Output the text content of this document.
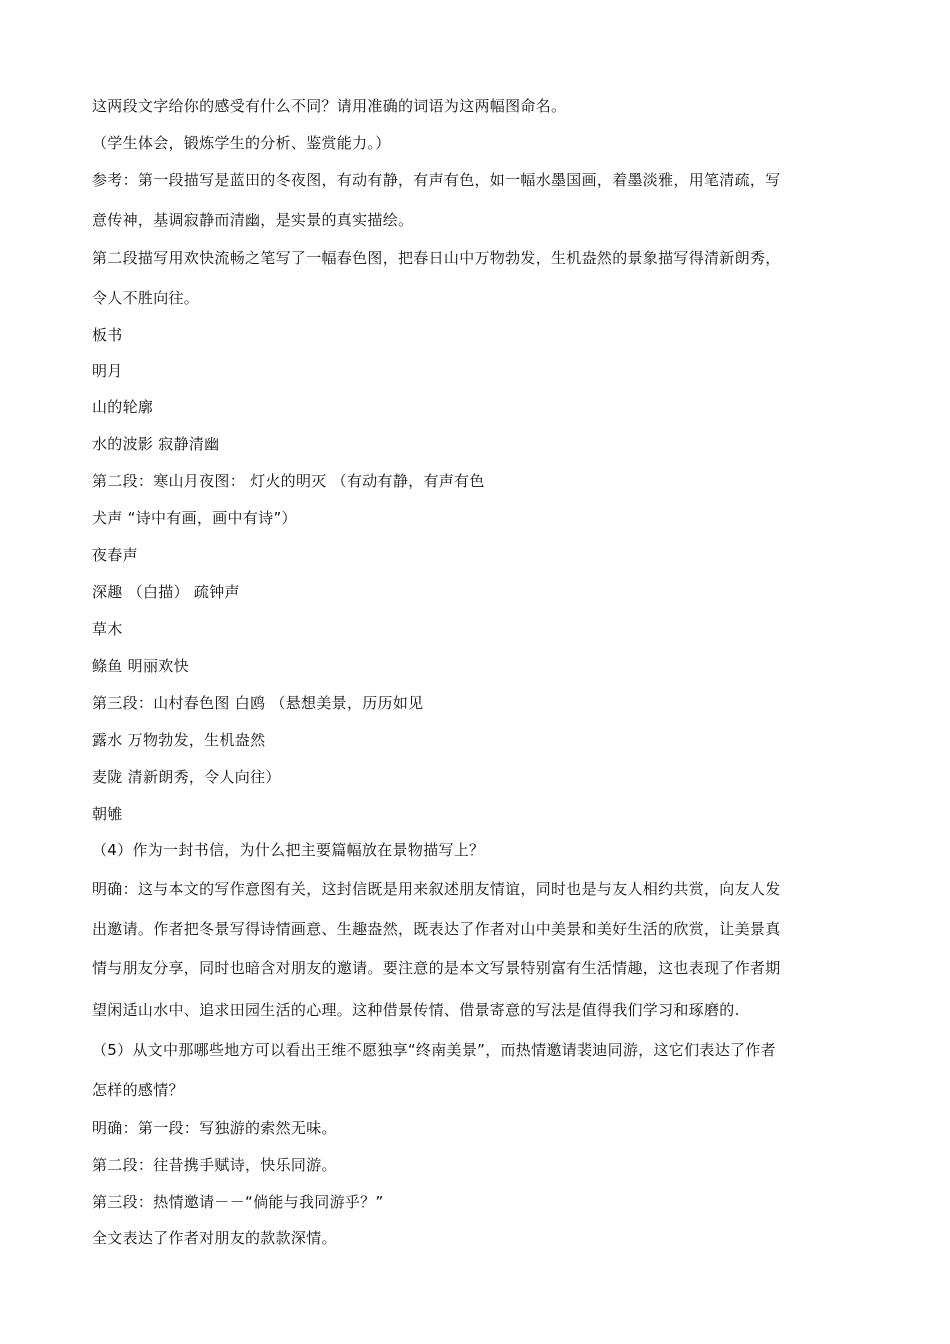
这两段文字给你的感受有什么不同？请用准确的词语为这两幅图命名。
（学生体会，锻炼学生的分析、鉴赏能力。）
参考：第一段描写是蓝田的冬夜图，有动有静，有声有色，如一幅水墨国画，着墨淡雅，用笔清疏，写
意传神，基调寂静而清幽，是实景的真实描绘。
第二段描写用欢快流畅之笔写了一幅春色图，把春日山中万物勃发，生机盎然的景象描写得清新朗秀，
令人不胜向往。
板书
明月
山的轮廓
水的波影 寂静清幽
第二段：寒山月夜图： 灯火的明灭 （有动有静，有声有色
犬声 “诗中有画，画中有诗”）
夜春声
深趣 （白描） 疏钟声
草木
鲦鱼 明丽欢快
第三段：山村春色图 白鸥 （悬想美景，历历如见
露水 万物勃发，生机盎然
麦陇 清新朗秀，令人向往）
朝雊
（4）作为一封书信，为什么把主要篇幅放在景物描写上？
明确：这与本文的写作意图有关，这封信既是用来叙述朋友情谊，同时也是与友人相约共赏，向友人发
出邀请。作者把冬景写得诗情画意、生趣盎然，既表达了作者对山中美景和美好生活的欣赏，让美景真
情与朋友分享，同时也暗含对朋友的邀请。要注意的是本文写景特别富有生活情趣，这也表现了作者期
望闲适山水中、追求田园生活的心理。这种借景传情、借景寄意的写法是值得我们学习和琢磨的.
（5）从文中那哪些地方可以看出王维不愿独享“终南美景”，而热情邀请裴迪同游，这它们表达了作者
怎样的感情？
明确：第一段：写独游的索然无味。
第二段：往昔携手赋诗，快乐同游。
第三段：热情邀请－－“倘能与我同游乎？”
全文表达了作者对朋友的款款深情。
